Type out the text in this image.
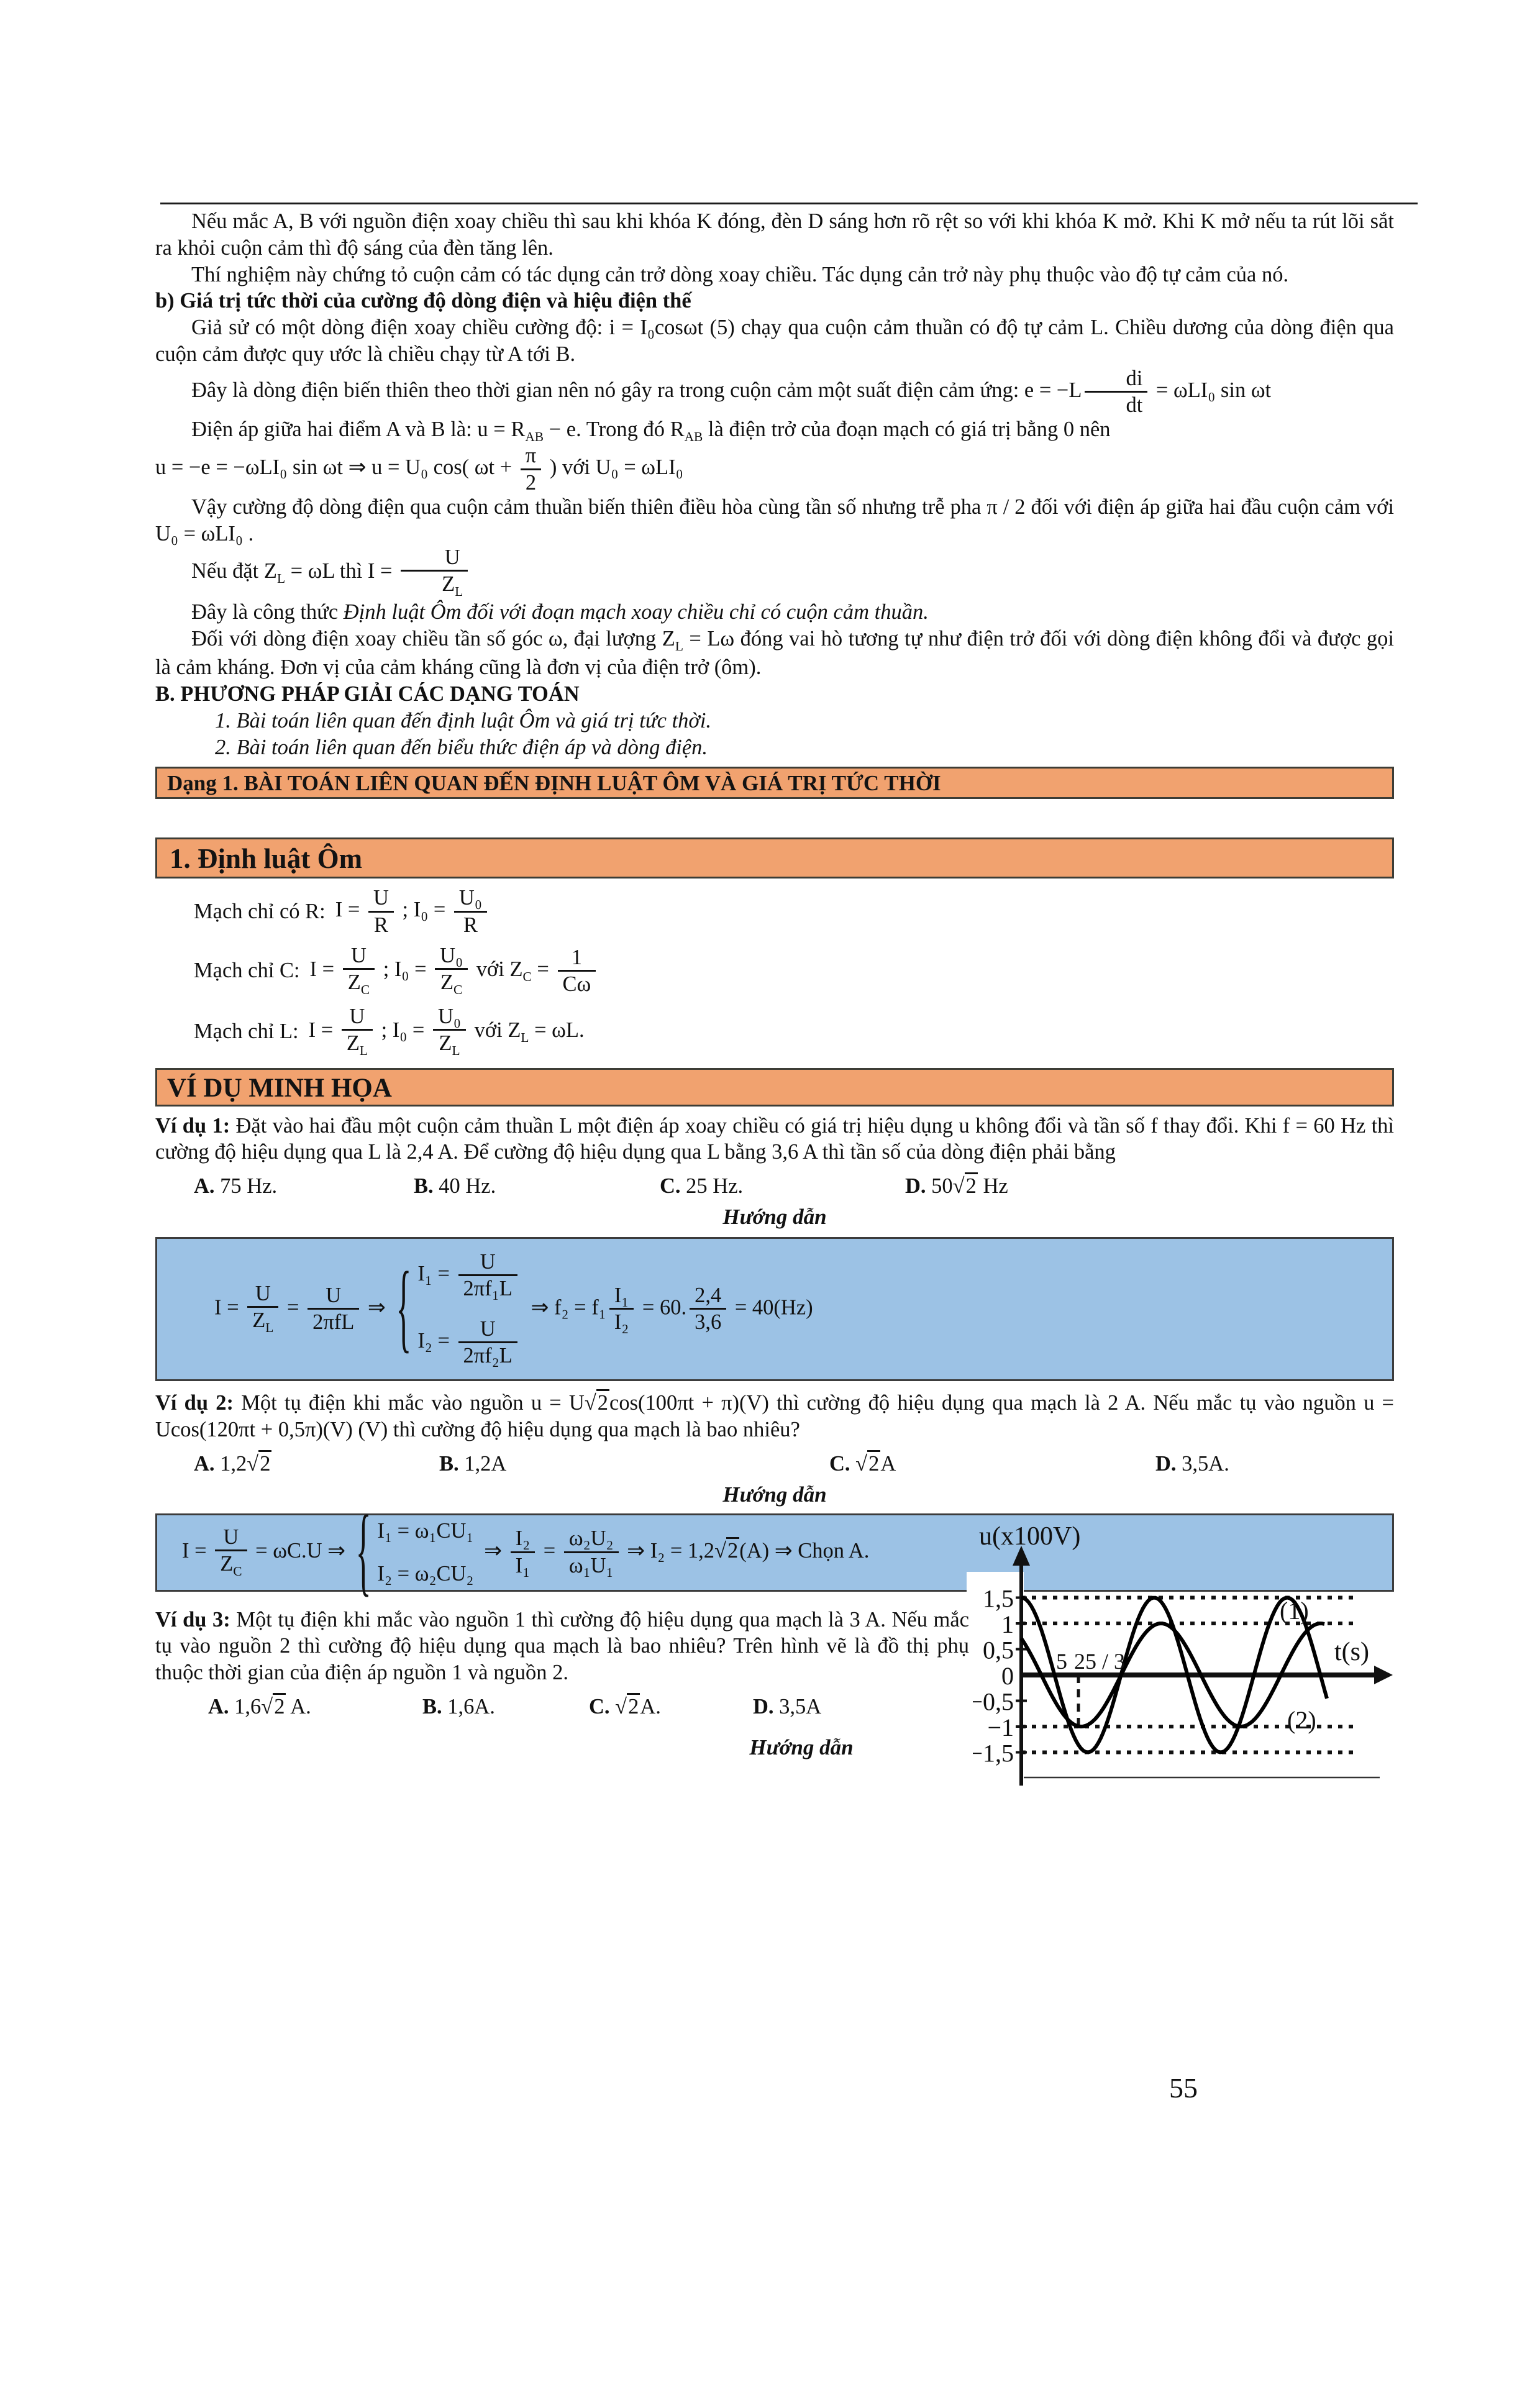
Nếu mắc A, B với nguồn điện xoay chiều thì sau khi khóa K đóng, đèn D sáng hơn rõ rệt so với khi khóa K mở. Khi K mở nếu ta rút lõi sắt ra khỏi cuộn cảm thì độ sáng của đèn tăng lên.

Thí nghiệm này chứng tỏ cuộn cảm có tác dụng cản trở dòng xoay chiều. Tác dụng cản trở này phụ thuộc vào độ tự cảm của nó.

b) Giá trị tức thời của cường độ dòng điện và hiệu điện thế

Giả sử có một dòng điện xoay chiều cường độ: i = I₀cosωt (5) chạy qua cuộn cảm thuần có độ tự cảm L. Chiều dương của dòng điện qua cuộn cảm được quy ước là chiều chạy từ A tới B.

Đây là dòng điện biến thiên theo thời gian nên nó gây ra trong cuộn cảm một suất điện cảm ứng: $e = -L \frac{di}{dt} = \omega LI_0$ sin ωt

Điện áp giữa hai điểm A và B là: $u = R_{AB} - e$. Trong đó $R_{AB}$ là điện trở của đoạn mạch có giá trị bằng 0 nên

u = −e = −ωLI₀ sin ωt ⇒ u = U₀ cos( $\omega t + \frac{\pi}{2}$ ) với U₀ = ωLI₀

Vậy cường độ dòng điện qua cuộn cảm thuần biến thiên điều hòa cùng tần số nhưng trễ pha π / 2 đối với điện áp giữa hai đầu cuộn cảm với U₀ = ωLI₀ .

Nếu đặt $Z_L = \omega L$ thì $I = \frac{U}{Z_L}$

Đây là công thức Định luật Ôm đối với đoạn mạch xoay chiều chỉ có cuộn cảm thuần.

Đối với dòng điện xoay chiều tần số góc ω, đại lượng $Z_L = L\omega$ đóng vai hò tương tự như điện trở đối với dòng điện không đổi và được gọi là cảm kháng. Đơn vị của cảm kháng cũng là đơn vị của điện trở (ôm).

B. PHƯƠNG PHÁP GIẢI CÁC DẠNG TOÁN

1. Bài toán liên quan đến định luật Ôm và giá trị tức thời.

2. Bài toán liên quan đến biểu thức điện áp và dòng điện.

Dạng 1. BÀI TOÁN LIÊN QUAN ĐẾN ĐỊNH LUẬT ÔM VÀ GIÁ TRỊ TỨC THỜI
1. Định luật Ôm
Mạch chỉ có R: $I = \frac{U}{R}$ ; $I_0 = \frac{\text{U₀}}{R}$
Mạch chỉ C: $I = \frac{U}{Z_C}$ ; $I_0 = \frac{\text{U₀}}{Z_C}$ với $Z_C = \frac{1}{C\omega}$
Mạch chỉ L: $I = \frac{U}{Z_L}$ ; $I_0 = \frac{\text{U₀}}{Z_L}$ với $Z_L = \omega L$.
VÍ DỤ MINH HỌA

Ví dụ 1: Đặt vào hai đầu một cuộn cảm thuần L một điện áp xoay chiều có giá trị hiệu dụng u không đổi và tần số f thay đổi. Khi f = 60 Hz thì cường độ hiệu dụng qua L là 2,4 A. Để cường độ hiệu dụng qua L bằng 3,6 A thì tần số của dòng điện phải bằng

A. 75 Hz.	B. 40 Hz.	C. 25 Hz.	D. 50√2 Hz
Hướng dẫn
$I = \frac{U}{Z_L} = \frac{U}{\text{2πfL}}$ ⇒ { $I_1 = \frac{U}{\text{2πf₁L}}$
$I_2 = \frac{U}{\text{2πf₂L}}$
⇒ $f_2 = f_1 \frac{\text{I₁}}{\text{I₂}} = 60$. $\frac{2,4}{3,6} = 40(Hz)$

Ví dụ 2: Một tụ điện khi mắc vào nguồn u = U√2cos(100πt + π)(V) thì cường độ hiệu dụng qua mạch là 2 A. Nếu mắc tụ vào nguồn u = Ucos(120πt + 0,5π)(V) (V) thì cường độ hiệu dụng qua mạch là bao nhiêu?

A. 1,2√2	B. 1,2A	C. √2A	D. 3,5A.
Hướng dẫn
$I = \frac{U}{Z_C} = \omega C.U$ ⇒ { I₁ = ω₁CU₁
I₂ = ω₂CU₂
⇒ $\frac{\text{I₂}}{\text{I₁}} = \frac{\text{ω₂U₂}}{\text{ω₁U₁}}$ ⇒ I₂ = 1,2√2(A) ⇒ Chọn A.
1,5
1
0,5
0
−0,5
−1
−1,5
u(x100V)
t(s)
(1)
(2)
5 25 / 3

Ví dụ 3: Một tụ điện khi mắc vào nguồn 1 thì cường độ hiệu dụng qua mạch là 3 A. Nếu mắc tụ vào nguồn 2 thì cường độ hiệu dụng qua mạch là bao nhiêu? Trên hình vẽ là đồ thị phụ thuộc thời gian của điện áp nguồn 1 và nguồn 2.

A. 1,6√2 A.	B. 1,6A.	C. √2A.	D. 3,5A
Hướng dẫn
55
